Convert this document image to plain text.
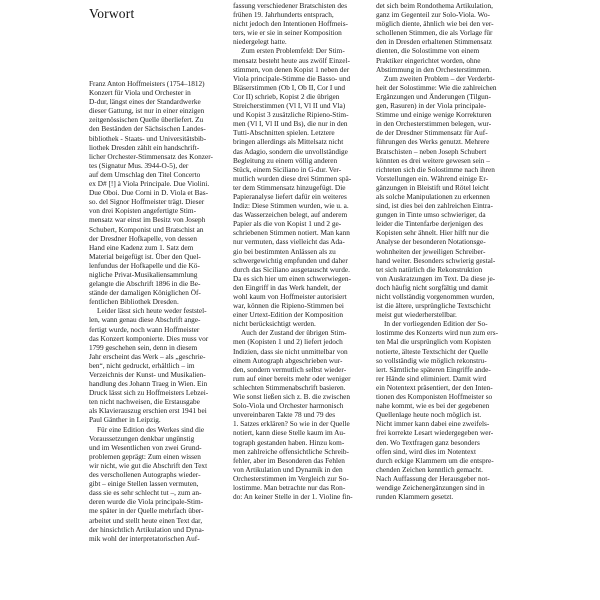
Vorwort
Franz Anton Hoffmeisters (1754–1812)
Konzert für Viola und Orchester in
D-dur, längst eines der Standardwerke
dieser Gattung, ist nur in einer einzigen
zeitgenössischen Quelle überliefert. Zu
den Beständen der Sächsischen Landes-
bibliothek - Staats- und Universitätsbib-
liothek Dresden zählt ein handschrift-
licher Orchester-Stimmensatz des Konzer-
tes (Signatur Mus. 3944-O-5), der
auf dem Umschlag den Titel Concerto
ex D# [!] à Viola Principale. Due Violini.
Due Oboi. Due Corni in D. Viola et Bas-
so. del Signor Hoffmeister trägt. Dieser
von drei Kopisten angefertigte Stim-
mensatz war einst im Besitz von Joseph
Schubert, Komponist und Bratschist an
der Dresdner Hofkapelle, von dessen
Hand eine Kadenz zum 1. Satz dem
Material beigefügt ist. Über den Quel-
lenfundus der Hofkapelle und die Kö-
nigliche Privat-Musikaliensammlung
gelangte die Abschrift 1896 in die Be-
stände der damaligen Königlichen Öf-
fentlichen Bibliothek Dresden.
Leider lässt sich heute weder feststel-
len, wann genau diese Abschrift ange-
fertigt wurde, noch wann Hoffmeister
das Konzert komponierte. Dies muss vor
1799 geschehen sein, denn in diesem
Jahr erscheint das Werk – als „geschrie-
ben“, nicht gedruckt, erhältlich – im
Verzeichnis der Kunst- und Musikalien-
handlung des Johann Traeg in Wien. Ein
Druck lässt sich zu Hoffmeisters Lebzei-
ten nicht nachweisen, die Erstausgabe
als Klavierauszug erschien erst 1941 bei
Paul Gänther in Leipzig.
Für eine Edition des Werkes sind die
Voraussetzungen denkbar ungünstig
und im Wesentlichen von zwei Grund-
problemen geprägt: Zum einen wissen
wir nicht, wie gut die Abschrift den Text
des verschollenen Autographs wieder-
gibt – einige Stellen lassen vermuten,
dass sie es sehr schlecht tut –, zum an-
deren wurde die Viola principale-Stim-
me später in der Quelle mehrfach über-
arbeitet und stellt heute einen Text dar,
der hinsichtlich Artikulation und Dyna-
mik wohl der interpretatorischen Auf-
fassung verschiedener Bratschisten des
frühen 19. Jahrhunderts entsprach,
nicht jedoch den Intentionen Hoffmeis-
ters, wie er sie in seiner Komposition
niedergelegt hatte.
Zum ersten Problemfeld: Der Stim-
mensatz besteht heute aus zwölf Einzel-
stimmen, von denen Kopist 1 neben der
Viola principale-Stimme die Basso- und
Bläserstimmen (Ob I, Ob II, Cor I und
Cor II) schrieb, Kopist 2 die übrigen
Streicherstimmen (Vl I, Vl II und Vla)
und Kopist 3 zusätzliche Ripieno-Stim-
men (Vl I, Vl II und Bs), die nur in den
Tutti-Abschnitten spielen. Letztere
bringen allerdings als Mittelsatz nicht
das Adagio, sondern die unvollständige
Begleitung zu einem völlig anderen
Stück, einem Siciliano in G-dur. Ver-
mutlich wurden diese drei Stimmen spä-
ter dem Stimmensatz hinzugefügt. Die
Papieranalyse liefert dafür ein weiteres
Indiz: Diese Stimmen wurden, wie u. a.
das Wasserzeichen belegt, auf anderem
Papier als die von Kopist 1 und 2 ge-
schriebenen Stimmen notiert. Man kann
nur vermuten, dass vielleicht das Ada-
gio bei bestimmten Anlässen als zu
schwergewichtig empfunden und daher
durch das Siciliano ausgetauscht wurde.
Da es sich hier um einen schwerwiegen-
den Eingriff in das Werk handelt, der
wohl kaum von Hoffmeister autorisiert
war, können die Ripieno-Stimmen bei
einer Urtext-Edition der Komposition
nicht berücksichtigt werden.
Auch der Zustand der übrigen Stim-
men (Kopisten 1 und 2) liefert jedoch
Indizien, dass sie nicht unmittelbar von
einem Autograph abgeschrieben wur-
den, sondern vermutlich selbst wieder-
rum auf einer bereits mehr oder weniger
schlechten Stimmenabschrift basieren.
Wie sonst ließen sich z. B. die zwischen
Solo-Viola und Orchester harmonisch
unvereinbaren Takte 78 und 79 des
1. Satzes erklären? So wie in der Quelle
notiert, kann diese Stelle kaum im Au-
tograph gestanden haben. Hinzu kom-
men zahlreiche offensichtliche Schreib-
fehler, aber im Besonderen das Fehlen
von Artikulation und Dynamik in den
Orchesterstimmen im Vergleich zur So-
lostimme. Man betrachte nur das Ron-
do: An keiner Stelle in der 1. Violine fin-
det sich beim Rondothema Artikulation,
ganz im Gegenteil zur Solo-Viola. Wo-
möglich diente, ähnlich wie bei den ver-
schollenen Stimmen, die als Vorlage für
den in Dresden erhaltenen Stimmensatz
dienten, die Solostimme von einem
Praktiker eingerichtet worden, ohne
Abstimmung in den Orchesterstimmen.
Zum zweiten Problem – der Verderbt-
heit der Solostimme: Wie die zahlreichen
Ergänzungen und Änderungen (Tilgun-
gen, Rasuren) in der Viola principale-
Stimme und einige wenige Korrekturen
in den Orchesterstimmen belegen, wur-
de der Dresdner Stimmensatz für Auf-
führungen des Werks genutzt. Mehrere
Bratschisten – neben Joseph Schubert
könnten es drei weitere gewesen sein –
richteten sich die Solostimme nach ihren
Vorstellungen ein. Während einige Er-
gänzungen in Bleistift und Rötel leicht
als solche Manipulationen zu erkennen
sind, ist dies bei den zahlreichen Eintra-
gungen in Tinte umso schwieriger, da
leider die Tintenfarbe derjenigen des
Kopisten sehr ähnelt. Hier hilft nur die
Analyse der besonderen Notationsge-
wohnheiten der jeweiligen Schreiber-
hand weiter. Besonders schwierig gestal-
tet sich natürlich die Rekonstruktion
von Auskratzungen im Text. Da diese je-
doch häufig nicht sorgfältig und damit
nicht vollständig vorgenommen wurden,
ist die ältere, ursprüngliche Textschicht
meist gut wiederherstellbar.
In der vorliegenden Edition der So-
lostimme des Konzerts wird nun zum ers-
ten Mal die ursprünglich vom Kopisten
notierte, älteste Textschicht der Quelle
so vollständig wie möglich rekonstru-
iert. Sämtliche späteren Eingriffe ande-
rer Hände sind eliminiert. Damit wird
ein Notentext präsentiert, der den Inten-
tionen des Komponisten Hoffmeister so
nahe kommt, wie es bei der gegebenen
Quellenlage heute noch möglich ist.
Nicht immer kann dabei eine zweifels-
frei korrekte Lesart wiedergegeben wer-
den. Wo Textfragen ganz besonders
offen sind, wird dies im Notentext
durch eckige Klammern um die entspre-
chenden Zeichen kenntlich gemacht.
Nach Auffassung der Herausgeber not-
wendige Zeichenergänzungen sind in
runden Klammern gesetzt.
